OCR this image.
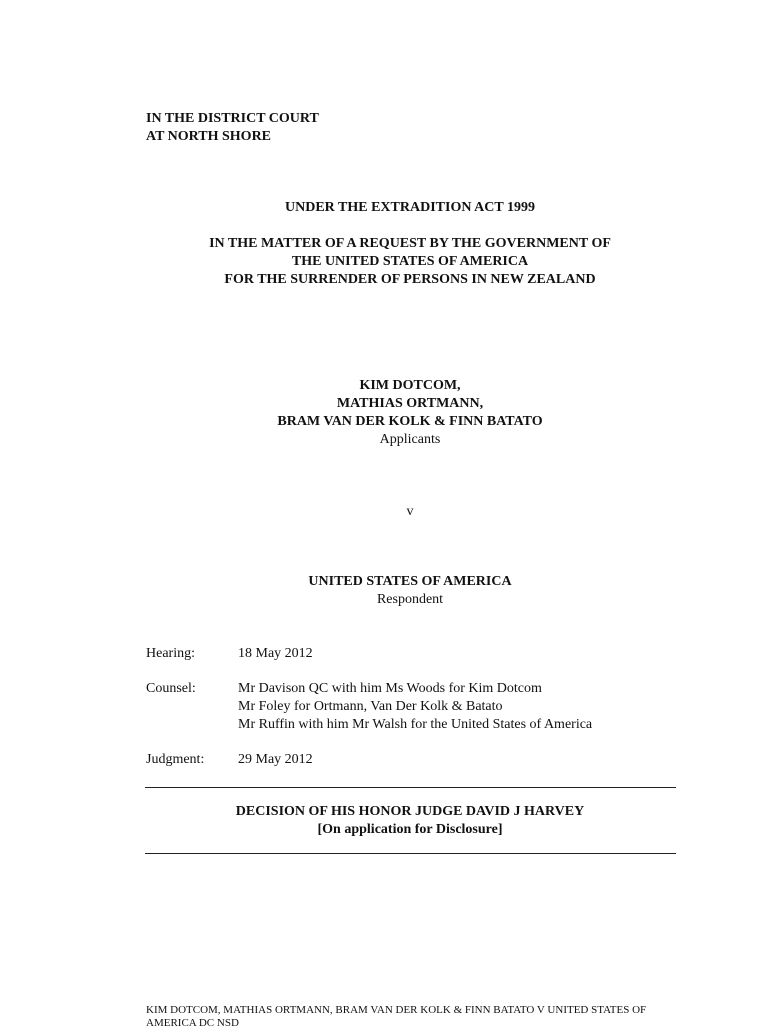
IN THE DISTRICT COURT
AT NORTH SHORE
UNDER THE EXTRADITION ACT 1999
IN THE MATTER OF A REQUEST BY THE GOVERNMENT OF
THE UNITED STATES OF AMERICA
FOR THE SURRENDER OF PERSONS IN NEW ZEALAND
KIM DOTCOM,
MATHIAS ORTMANN,
BRAM VAN DER KOLK & FINN BATATO
Applicants
v
UNITED STATES OF AMERICA
Respondent
Hearing:	18 May 2012
Counsel:	Mr Davison QC with him Ms Woods for Kim Dotcom
Mr Foley for Ortmann, Van Der Kolk & Batato
Mr Ruffin with him Mr Walsh for the United States of America
Judgment: 29 May 2012
DECISION OF HIS HONOR JUDGE DAVID J HARVEY
[On application for Disclosure]
KIM DOTCOM, MATHIAS ORTMANN, BRAM VAN DER KOLK & FINN BATATO V UNITED STATES OF AMERICA DC NSD
